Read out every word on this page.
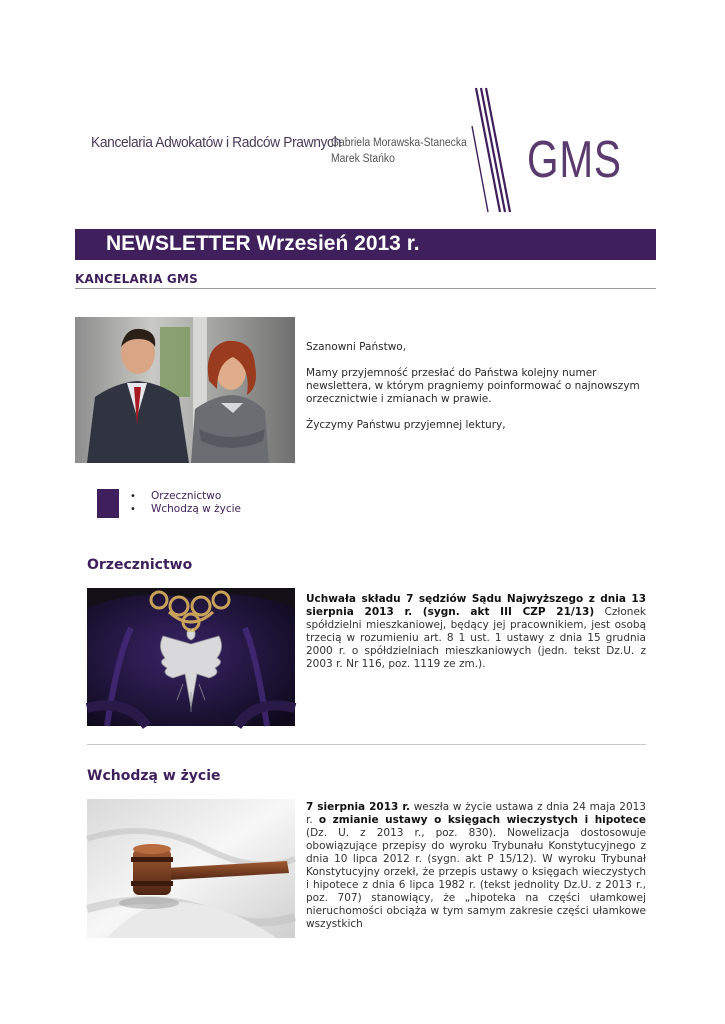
Kancelaria Adwokatów i Radców Prawnych
Gabriela Morawska-Stanecka
Marek Stańko	GMS
NEWSLETTER Wrzesień 2013 r.
KANCELARIA GMS

Szanowni Państwo,

Mamy przyjemność przesłać do Państwa kolejny numer newslettera, w którym pragniemy poinformować o najnowszym orzecznictwie i zmianach w prawie.

Życzymy Państwu przyjemnej lektury,

• Orzecznictwo
• Wchodzą w życie
Orzecznictwo
Uchwała składu 7 sędziów Sądu Najwyższego z dnia 13 sierpnia 2013 r. (sygn. akt III CZP 21/13) Członek spółdzielni mieszkaniowej, będący jej pracownikiem, jest osobą trzecią w rozumieniu art. 8 1 ust. 1 ustawy z dnia 15 grudnia 2000 r. o spółdzielniach mieszkaniowych (jedn. tekst Dz.U. z 2003 r. Nr 116, poz. 1119 ze zm.).
Wchodzą w życie
7 sierpnia 2013 r. weszła w życie ustawa z dnia 24 maja 2013 r. o zmianie ustawy o księgach wieczystych i hipotece (Dz. U. z 2013 r., poz. 830). Nowelizacja dostosowuje obowiązujące przepisy do wyroku Trybunału Konstytucyjnego z dnia 10 lipca 2012 r. (sygn. akt P 15/12). W wyroku Trybunał Konstytucyjny orzekł, że przepis ustawy o księgach wieczystych i hipotece z dnia 6 lipca 1982 r. (tekst jednolity Dz.U. z 2013 r., poz. 707) stanowiący, że „hipoteka na części ułamkowej nieruchomości obciąża w tym samym zakresie części ułamkowe wszystkich
